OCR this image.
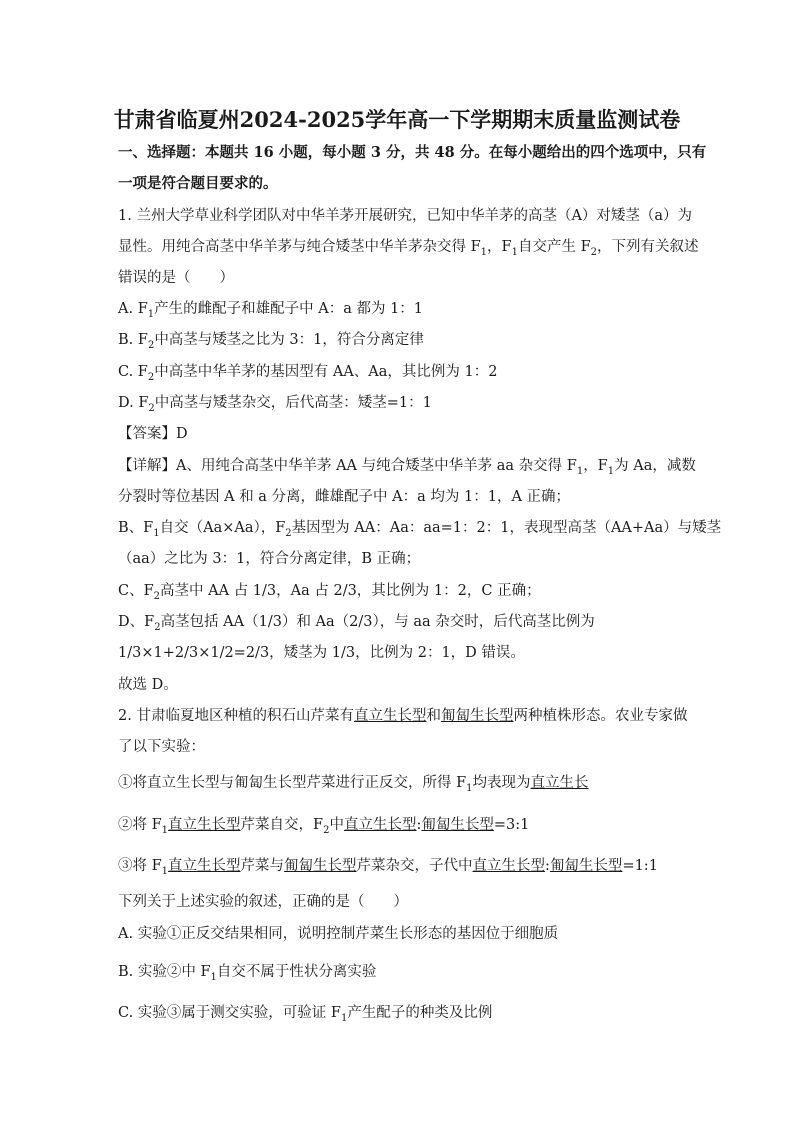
甘肃省临夏州2024-2025学年高一下学期期末质量监测试卷
一、选择题：本题共 16 小题，每小题 3 分，共 48 分。在每小题给出的四个选项中，只有
一项是符合题目要求的。
1. 兰州大学草业科学团队对中华羊茅开展研究，已知中华羊茅的高茎（A）对矮茎（a）为
显性。用纯合高茎中华羊茅与纯合矮茎中华羊茅杂交得 $F_1$，$F_1$自交产生 $F_2$，下列有关叙述
错误的是（　　）
A. $F_1$产生的雌配子和雄配子中 A：a 都为 1：1
B. $F_2$中高茎与矮茎之比为 3：1，符合分离定律
C. $F_2$中高茎中华羊茅的基因型有 AA、Aa，其比例为 1：2
D. $F_2$中高茎与矮茎杂交，后代高茎：矮茎=1：1
【答案】D
【详解】A、用纯合高茎中华羊茅 AA 与纯合矮茎中华羊茅 aa 杂交得 $F_1$，$F_1$为 Aa，减数
分裂时等位基因 A 和 a 分离，雌雄配子中 A：a 均为 1：1，A 正确；
B、$F_1$自交（Aa×Aa），$F_2$基因型为 AA：Aa：aa=1：2：1，表现型高茎（AA+Aa）与矮茎
（aa）之比为 3：1，符合分离定律，B 正确；
C、$F_2$高茎中 AA 占 1/3，Aa 占 2/3，其比例为 1：2，C 正确；
D、$F_2$高茎包括 AA（1/3）和 Aa（2/3），与 aa 杂交时，后代高茎比例为
1/3×1+2/3×1/2=2/3，矮茎为 1/3，比例为 2：1，D 错误。
故选 D。
2. 甘肃临夏地区种植的积石山芹菜有直立生长型和匍匐生长型两种植株形态。农业专家做
了以下实验：
①将直立生长型与匍匐生长型芹菜进行正反交，所得 $F_1$均表现为直立生长
②将 $F_1$直立生长型芹菜自交，$F_2$中直立生长型:匍匐生长型=3:1
③将 $F_1$直立生长型芹菜与匍匐生长型芹菜杂交，子代中直立生长型:匍匐生长型=1:1
下列关于上述实验的叙述，正确的是（　　）
A. 实验①正反交结果相同，说明控制芹菜生长形态的基因位于细胞质
B. 实验②中 $F_1$自交不属于性状分离实验
C. 实验③属于测交实验，可验证 $F_1$产生配子的种类及比例
